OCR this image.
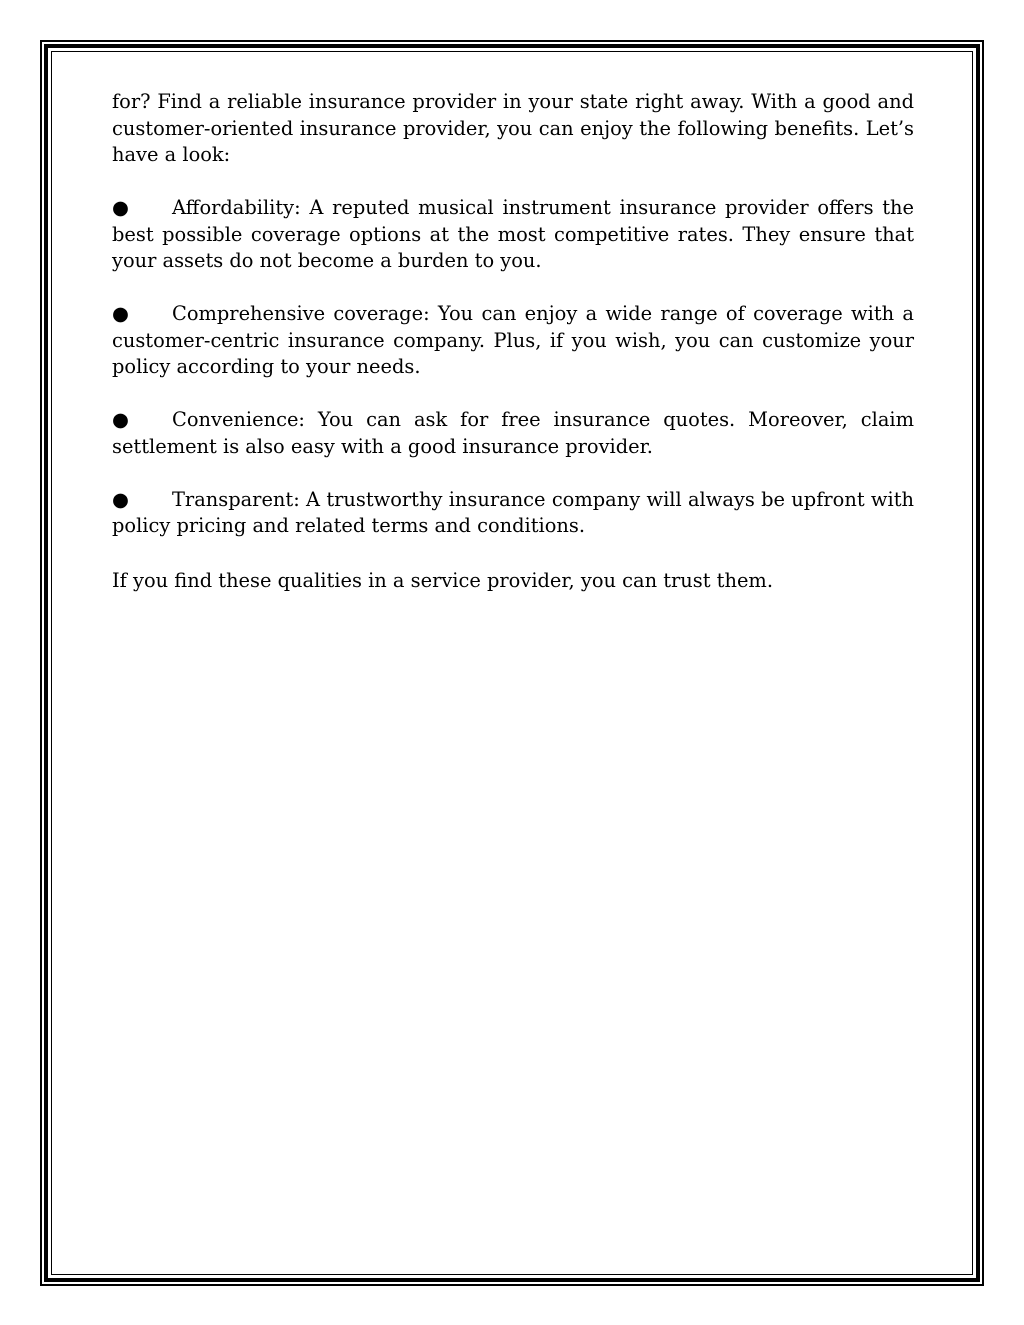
for? Find a reliable insurance provider in your state right away. With a good and customer-oriented insurance provider, you can enjoy the following benefits. Let’s have a look:

● Affordability: A reputed musical instrument insurance provider offers the best possible coverage options at the most competitive rates. They ensure that your assets do not become a burden to you.

● Comprehensive coverage: You can enjoy a wide range of coverage with a customer-centric insurance company. Plus, if you wish, you can customize your policy according to your needs.

● Convenience: You can ask for free insurance quotes. Moreover, claim settlement is also easy with a good insurance provider.

● Transparent: A trustworthy insurance company will always be upfront with policy pricing and related terms and conditions.

If you find these qualities in a service provider, you can trust them.
